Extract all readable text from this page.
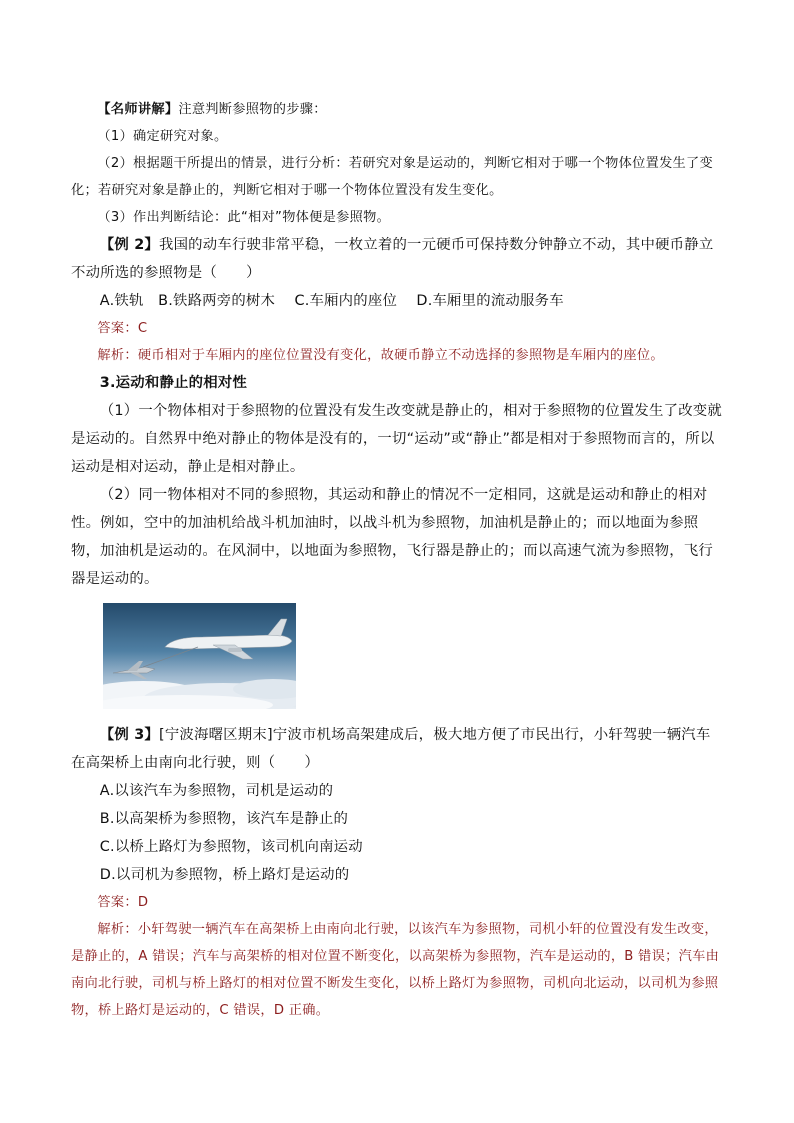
【名师讲解】注意判断参照物的步骤：

（1）确定研究对象。

（2）根据题干所提出的情景，进行分析：若研究对象是运动的，判断它相对于哪一个物体位置发生了变化；若研究对象是静止的，判断它相对于哪一个物体位置没有发生变化。

（3）作出判断结论：此“相对”物体便是参照物。

【例 2】我国的动车行驶非常平稳，一枚立着的一元硬币可保持数分钟静立不动，其中硬币静立不动所选的参照物是（　　）

A.铁轨　B.铁路两旁的树木　 C.车厢内的座位　 D.车厢里的流动服务车

答案：C

解析：硬币相对于车厢内的座位位置没有变化，故硬币静立不动选择的参照物是车厢内的座位。

3.运动和静止的相对性

（1）一个物体相对于参照物的位置没有发生改变就是静止的，相对于参照物的位置发生了改变就是运动的。自然界中绝对静止的物体是没有的，一切“运动”或“静止”都是相对于参照物而言的，所以运动是相对运动，静止是相对静止。

（2）同一物体相对不同的参照物，其运动和静止的情况不一定相同，这就是运动和静止的相对性。例如，空中的加油机给战斗机加油时，以战斗机为参照物，加油机是静止的；而以地面为参照物，加油机是运动的。在风洞中，以地面为参照物，飞行器是静止的；而以高速气流为参照物，飞行器是运动的。

【例 3】[宁波海曙区期末]宁波市机场高架建成后，极大地方便了市民出行，小轩驾驶一辆汽车在高架桥上由南向北行驶，则（　　）

A.以该汽车为参照物，司机是运动的

B.以高架桥为参照物，该汽车是静止的

C.以桥上路灯为参照物，该司机向南运动

D.以司机为参照物，桥上路灯是运动的

答案：D

解析：小轩驾驶一辆汽车在高架桥上由南向北行驶，以该汽车为参照物，司机小轩的位置没有发生改变，是静止的，A 错误；汽车与高架桥的相对位置不断变化，以高架桥为参照物，汽车是运动的，B 错误；汽车由南向北行驶，司机与桥上路灯的相对位置不断发生变化，以桥上路灯为参照物，司机向北运动，以司机为参照物，桥上路灯是运动的，C 错误，D 正确。
